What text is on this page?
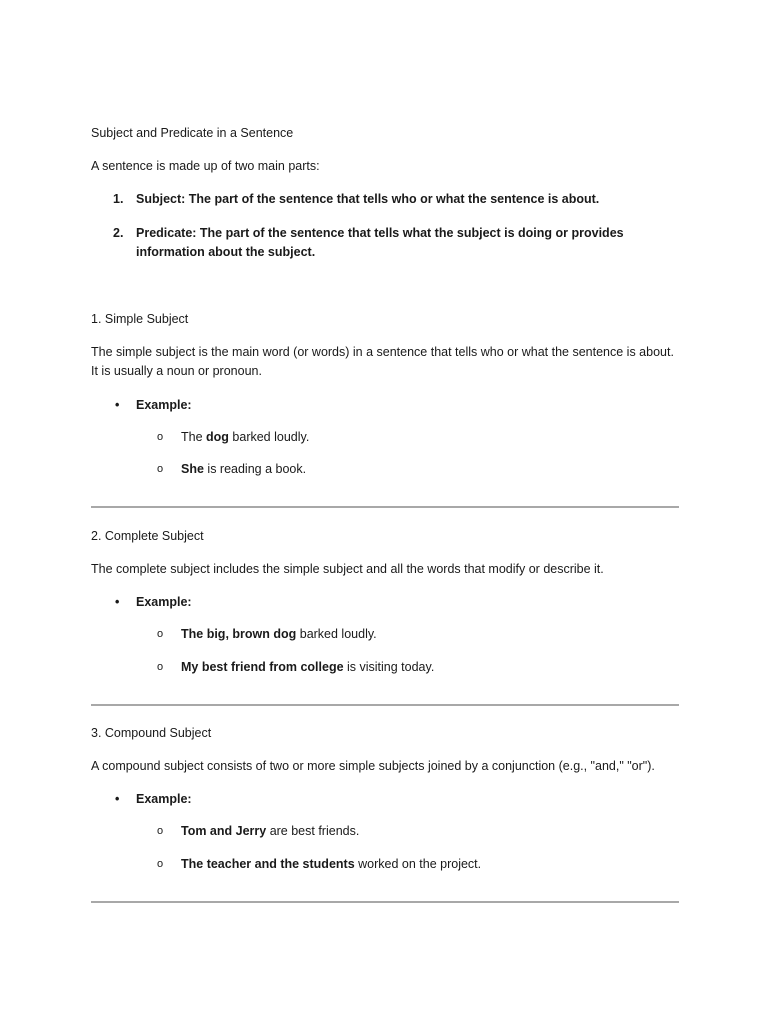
Subject and Predicate in a Sentence

A sentence is made up of two main parts:

1. Subject: The part of the sentence that tells who or what the sentence is about.
2. Predicate: The part of the sentence that tells what the subject is doing or provides information about the subject.

1. Simple Subject

The simple subject is the main word (or words) in a sentence that tells who or what the sentence is about. It is usually a noun or pronoun.

• Example:
o The dog barked loudly.
o She is reading a book.

2. Complete Subject

The complete subject includes the simple subject and all the words that modify or describe it.

• Example:
o The big, brown dog barked loudly.
o My best friend from college is visiting today.

3. Compound Subject

A compound subject consists of two or more simple subjects joined by a conjunction (e.g., "and," "or").

• Example:
o Tom and Jerry are best friends.
o The teacher and the students worked on the project.
